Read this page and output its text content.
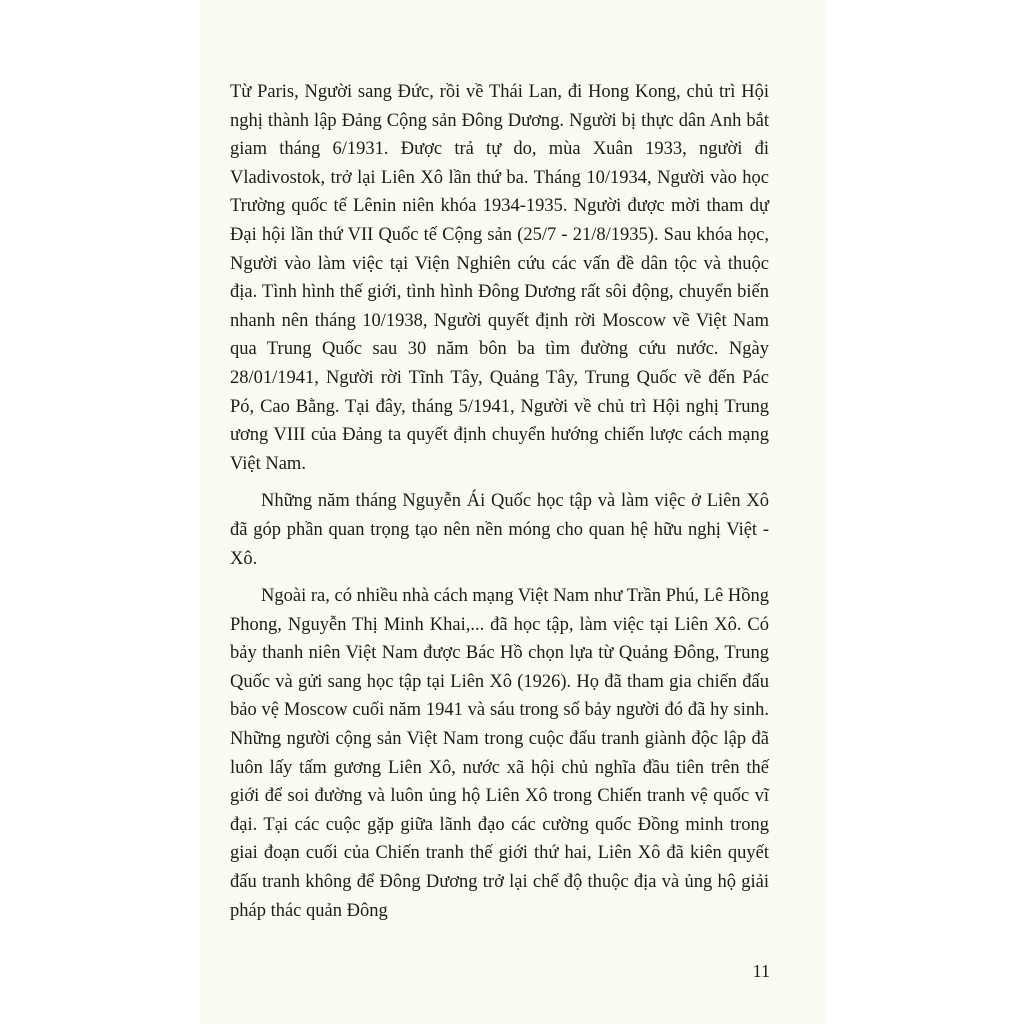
Từ Paris, Người sang Đức, rồi về Thái Lan, đi Hong Kong, chủ trì Hội nghị thành lập Đảng Cộng sản Đông Dương. Người bị thực dân Anh bắt giam tháng 6/1931. Được trả tự do, mùa Xuân 1933, người đi Vladivostok, trở lại Liên Xô lần thứ ba. Tháng 10/1934, Người vào học Trường quốc tế Lênin niên khóa 1934-1935. Người được mời tham dự Đại hội lần thứ VII Quốc tế Cộng sản (25/7 - 21/8/1935). Sau khóa học, Người vào làm việc tại Viện Nghiên cứu các vấn đề dân tộc và thuộc địa. Tình hình thế giới, tình hình Đông Dương rất sôi động, chuyển biến nhanh nên tháng 10/1938, Người quyết định rời Moscow về Việt Nam qua Trung Quốc sau 30 năm bôn ba tìm đường cứu nước. Ngày 28/01/1941, Người rời Tĩnh Tây, Quảng Tây, Trung Quốc về đến Pác Pó, Cao Bằng. Tại đây, tháng 5/1941, Người về chủ trì Hội nghị Trung ương VIII của Đảng ta quyết định chuyển hướng chiến lược cách mạng Việt Nam.

Những năm tháng Nguyễn Ái Quốc học tập và làm việc ở Liên Xô đã góp phần quan trọng tạo nên nền móng cho quan hệ hữu nghị Việt - Xô.

Ngoài ra, có nhiều nhà cách mạng Việt Nam như Trần Phú, Lê Hồng Phong, Nguyễn Thị Minh Khai,... đã học tập, làm việc tại Liên Xô. Có bảy thanh niên Việt Nam được Bác Hồ chọn lựa từ Quảng Đông, Trung Quốc và gửi sang học tập tại Liên Xô (1926). Họ đã tham gia chiến đấu bảo vệ Moscow cuối năm 1941 và sáu trong số bảy người đó đã hy sinh. Những người cộng sản Việt Nam trong cuộc đấu tranh giành độc lập đã luôn lấy tấm gương Liên Xô, nước xã hội chủ nghĩa đầu tiên trên thế giới để soi đường và luôn ủng hộ Liên Xô trong Chiến tranh vệ quốc vĩ đại. Tại các cuộc gặp giữa lãnh đạo các cường quốc Đồng minh trong giai đoạn cuối của Chiến tranh thế giới thứ hai, Liên Xô đã kiên quyết đấu tranh không để Đông Dương trở lại chế độ thuộc địa và ủng hộ giải pháp thác quản Đông

11
